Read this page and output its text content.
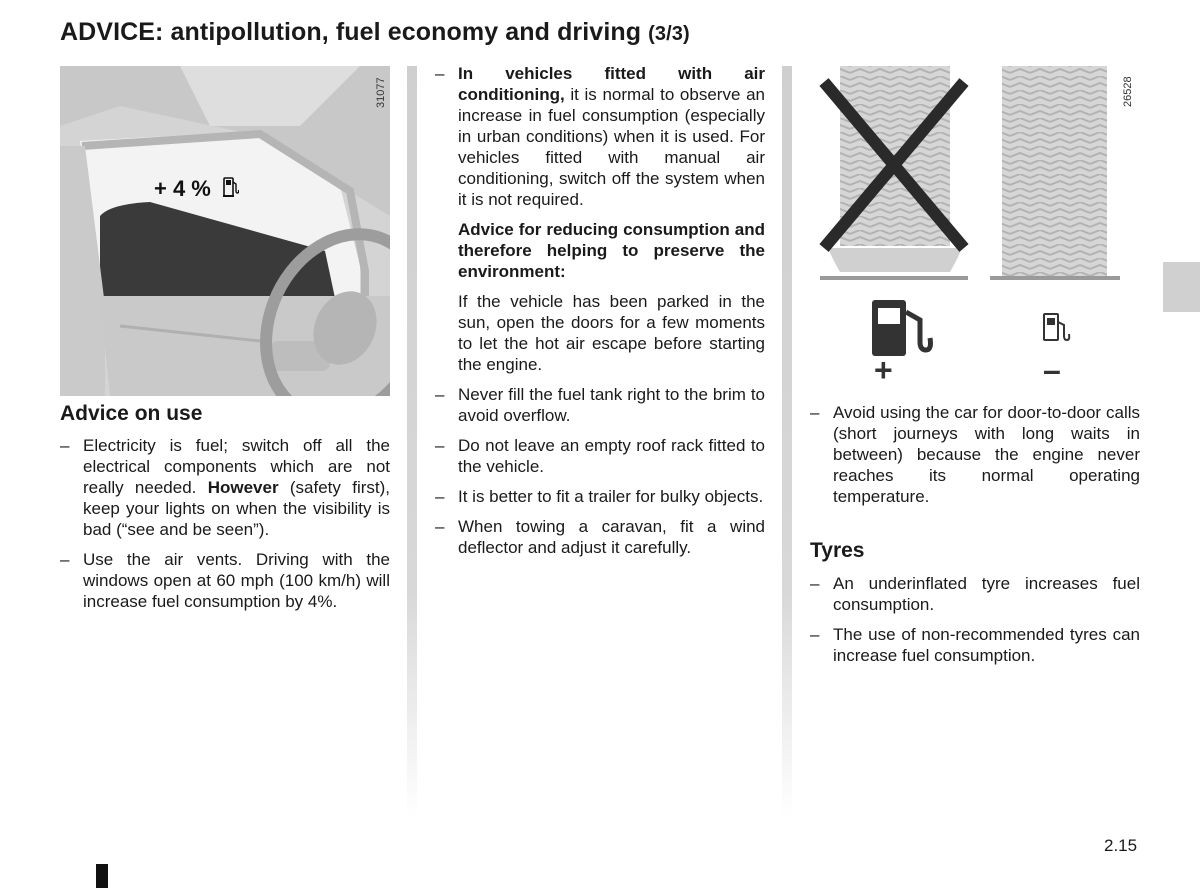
ADVICE: antipollution, fuel economy and driving (3/3)
31077
+ 4 %
Advice on use
– Electricity is fuel; switch off all the electrical components which are not really needed. However (safety first), keep your lights on when the visibility is bad (“see and be seen”).
– Use the air vents. Driving with the windows open at 60 mph (100 km/h) will increase fuel consumption by 4%.
– In vehicles fitted with air conditioning, it is normal to observe an increase in fuel consumption (especially in urban conditions) when it is used. For vehicles fitted with manual air conditioning, switch off the system when it is not required.
Advice for reducing consumption and therefore helping to preserve the environment:
If the vehicle has been parked in the sun, open the doors for a few moments to let the hot air escape before starting the engine.
– Never fill the fuel tank right to the brim to avoid overflow.
– Do not leave an empty roof rack fitted to the vehicle.
– It is better to fit a trailer for bulky objects.
– When towing a caravan, fit a wind deflector and adjust it carefully.
+	–
26528
– Avoid using the car for door-to-door calls (short journeys with long waits in between) because the engine never reaches its normal operating temperature.
Tyres
– An underinflated tyre increases fuel consumption.
– The use of non-recommended tyres can increase fuel consumption.
2.15
